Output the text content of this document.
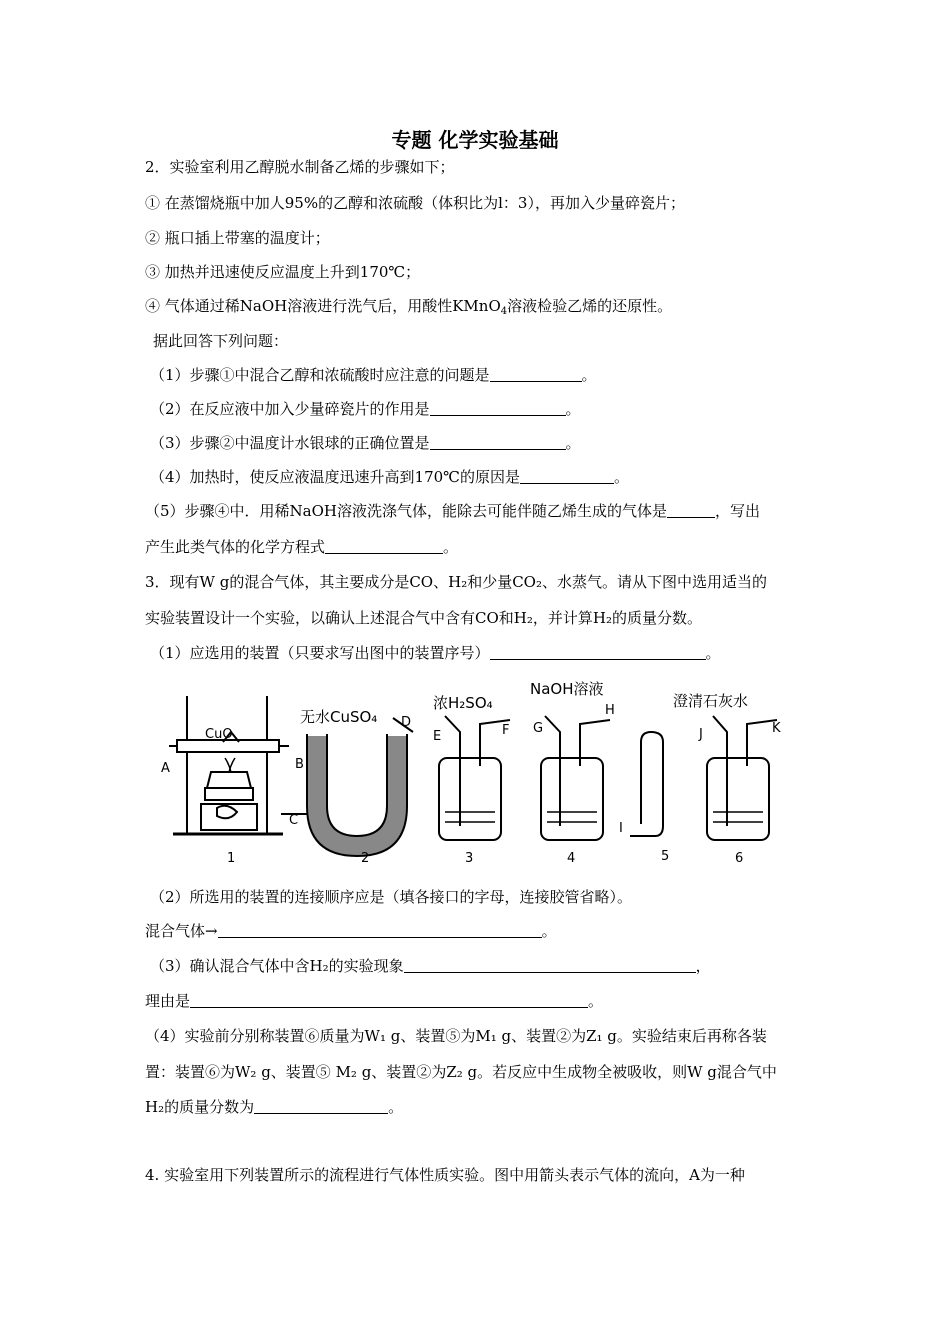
专题 化学实验基础
2．实验室利用乙醇脱水制备乙烯的步骤如下；
① 在蒸馏烧瓶中加人95%的乙醇和浓硫酸（体积比为l：3），再加入少量碎瓷片；
② 瓶口插上带塞的温度计；
③ 加热并迅速使反应温度上升到170℃；
④ 气体通过稀NaOH溶液进行洗气后，用酸性KMnO$_4$溶液检验乙烯的还原性。
据此回答下列问题：
（1）步骤①中混合乙醇和浓硫酸时应注意的问题是	。
（2）在反应液中加入少量碎瓷片的作用是	。
（3）步骤②中温度计水银球的正确位置是	。
（4）加热时，使反应液温度迅速升高到170℃的原因是	。
（5）步骤④中．用稀NaOH溶液洗涤气体，能除去可能伴随乙烯生成的气体是	，写出
产生此类气体的化学方程式	。
3．现有W g的混合气体，其主要成分是CO、H₂和少量CO₂、水蒸气。请从下图中选用适当的
实验装置设计一个实验，以确认上述混合气中含有CO和H₂，并计算H₂的质量分数。
（1）应选用的装置（只要求写出图中的装置序号）	。
CuO
无水CuSO₄
浓H₂SO₄
NaOH溶液
澄清石灰水
A	B
C
D
E	F G
H
I
J	K
1	2	3	4	5	6
（2）所选用的装置的连接顺序应是（填各接口的字母，连接胶管省略）。
混合气体→	。
（3）确认混合气体中含H₂的实验现象	，
理由是	。
（4）实验前分别称装置⑥质量为W₁ g、装置⑤为M₁ g、装置②为Z₁ g。实验结束后再称各装
置：装置⑥为W₂ g、装置⑤ M₂ g、装置②为Z₂ g。若反应中生成物全被吸收，则W g混合气中
H₂的质量分数为	。
4. 实验室用下列装置所示的流程进行气体性质实验。图中用箭头表示气体的流向，A为一种
